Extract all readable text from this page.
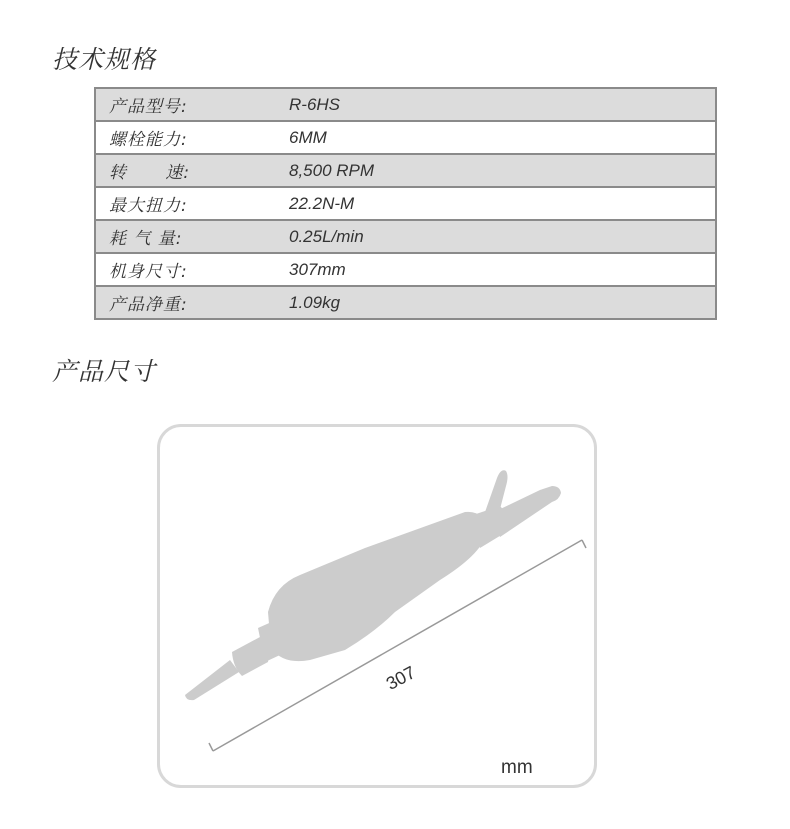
技术规格
产品型号:	R-6HS
螺栓能力:	6MM
转      速:	8,500 RPM
最大扭力:	22.2N-M
耗 气 量:	0.25L/min
机身尺寸:	307mm
产品净重:	1.09kg
产品尺寸
307
mm
